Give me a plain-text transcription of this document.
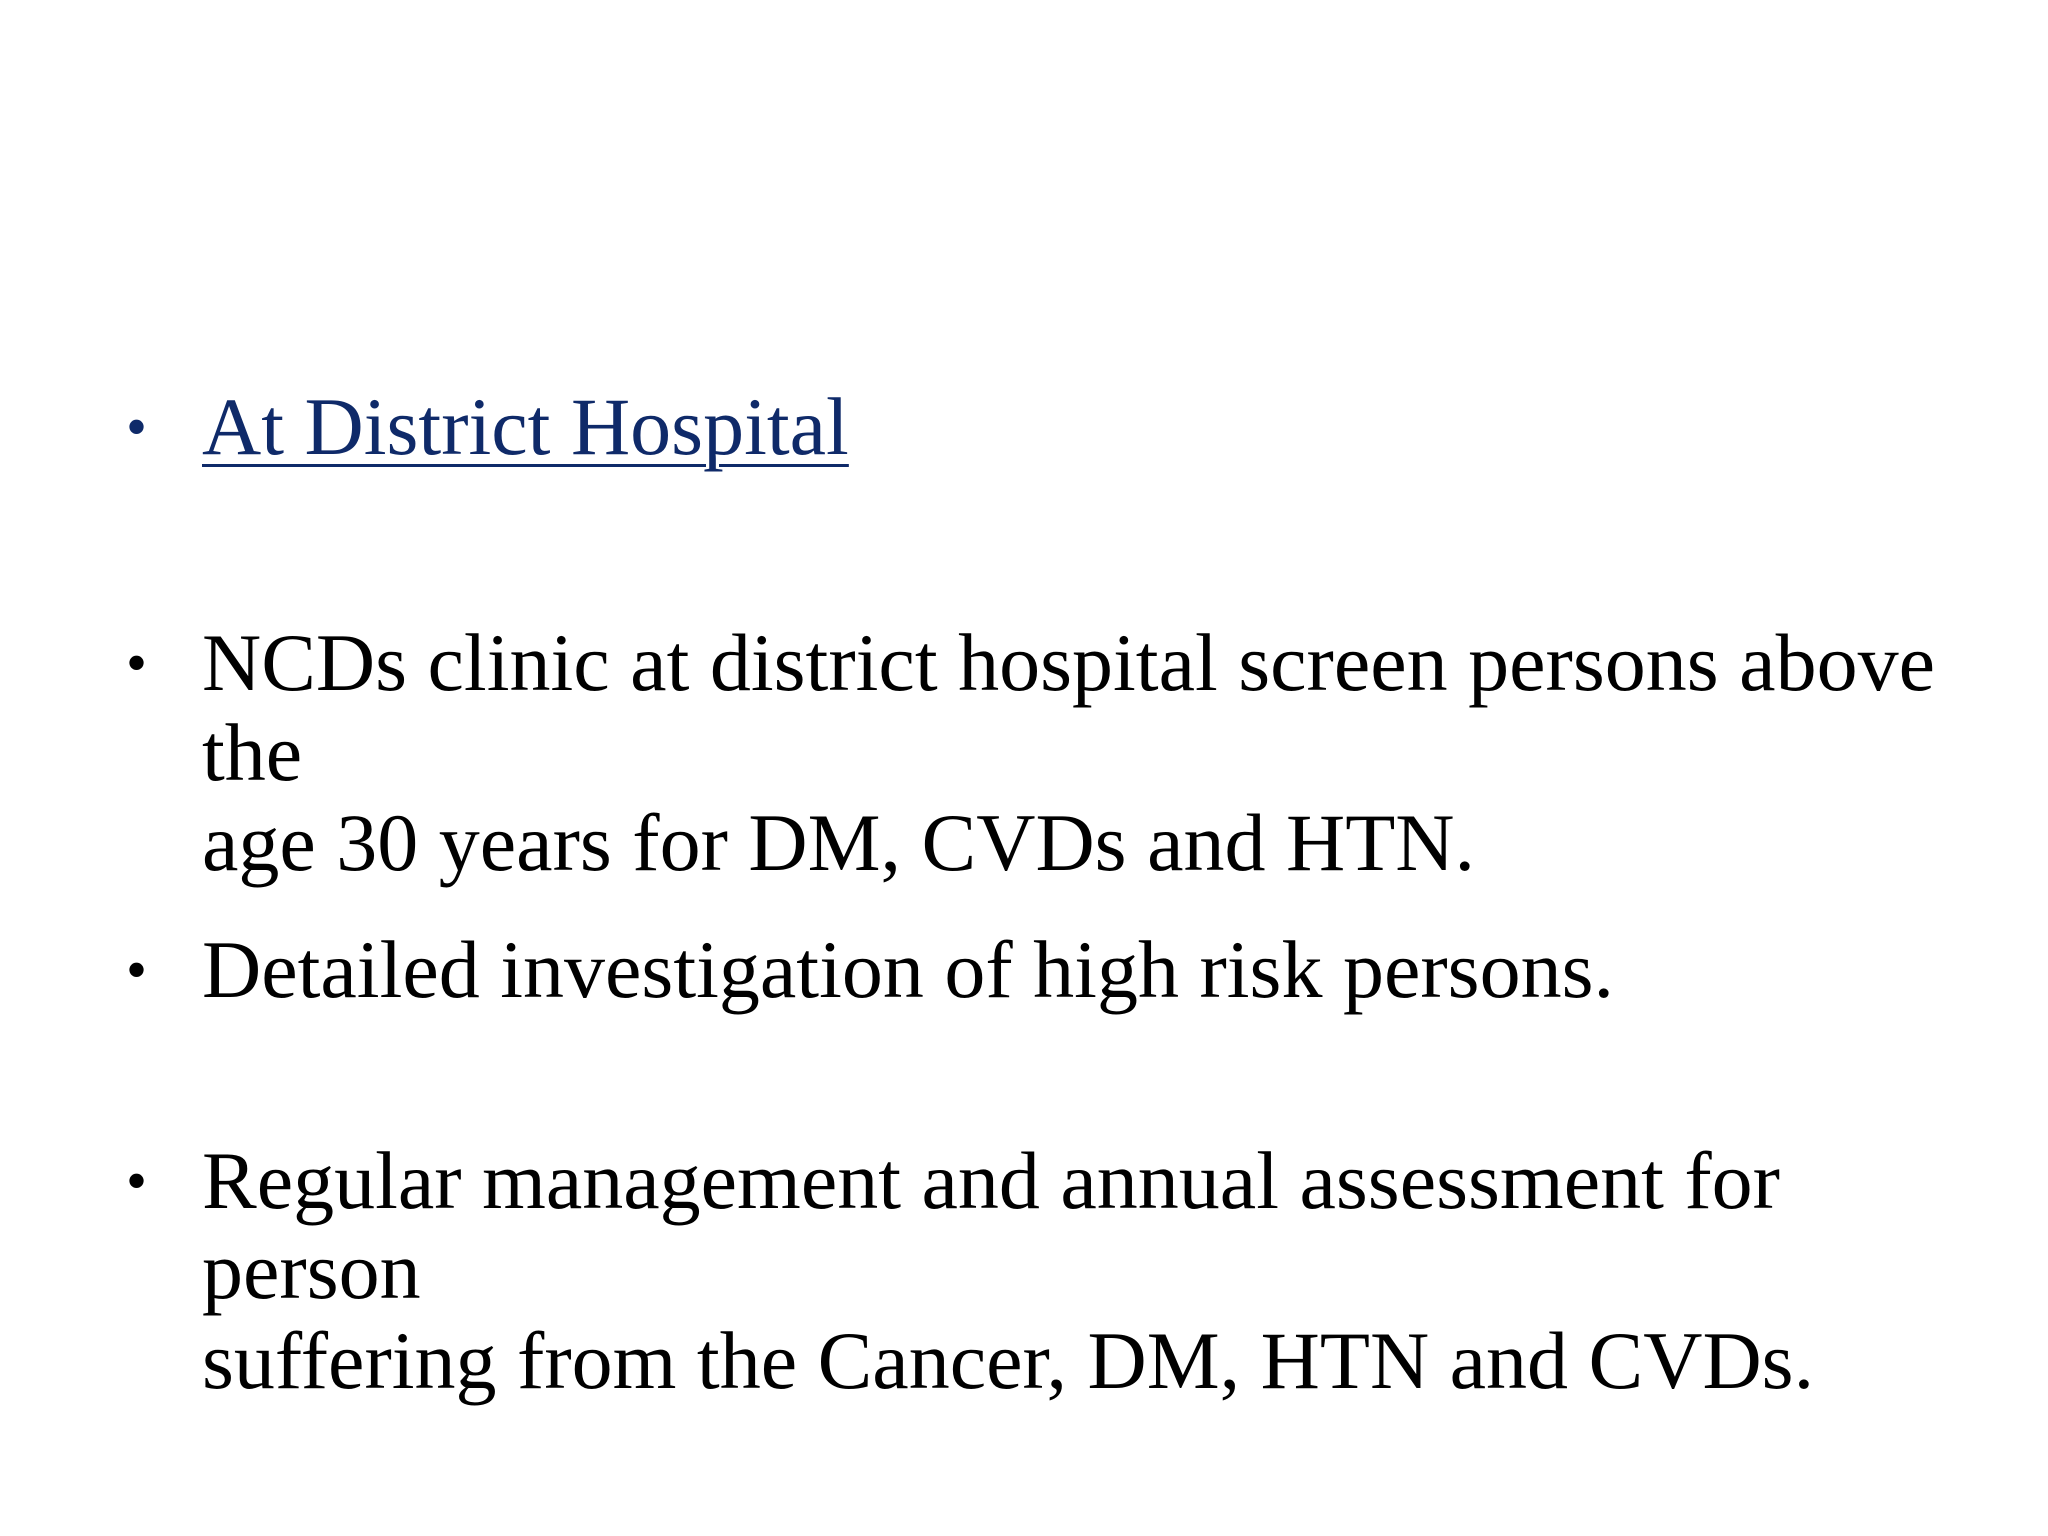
• At District Hospital
• NCDs clinic at district hospital screen persons above the
age 30 years for DM, CVDs and HTN.
• Detailed investigation of high risk persons.
• Regular management and annual assessment for person
suffering from the Cancer, DM, HTN and CVDs.
